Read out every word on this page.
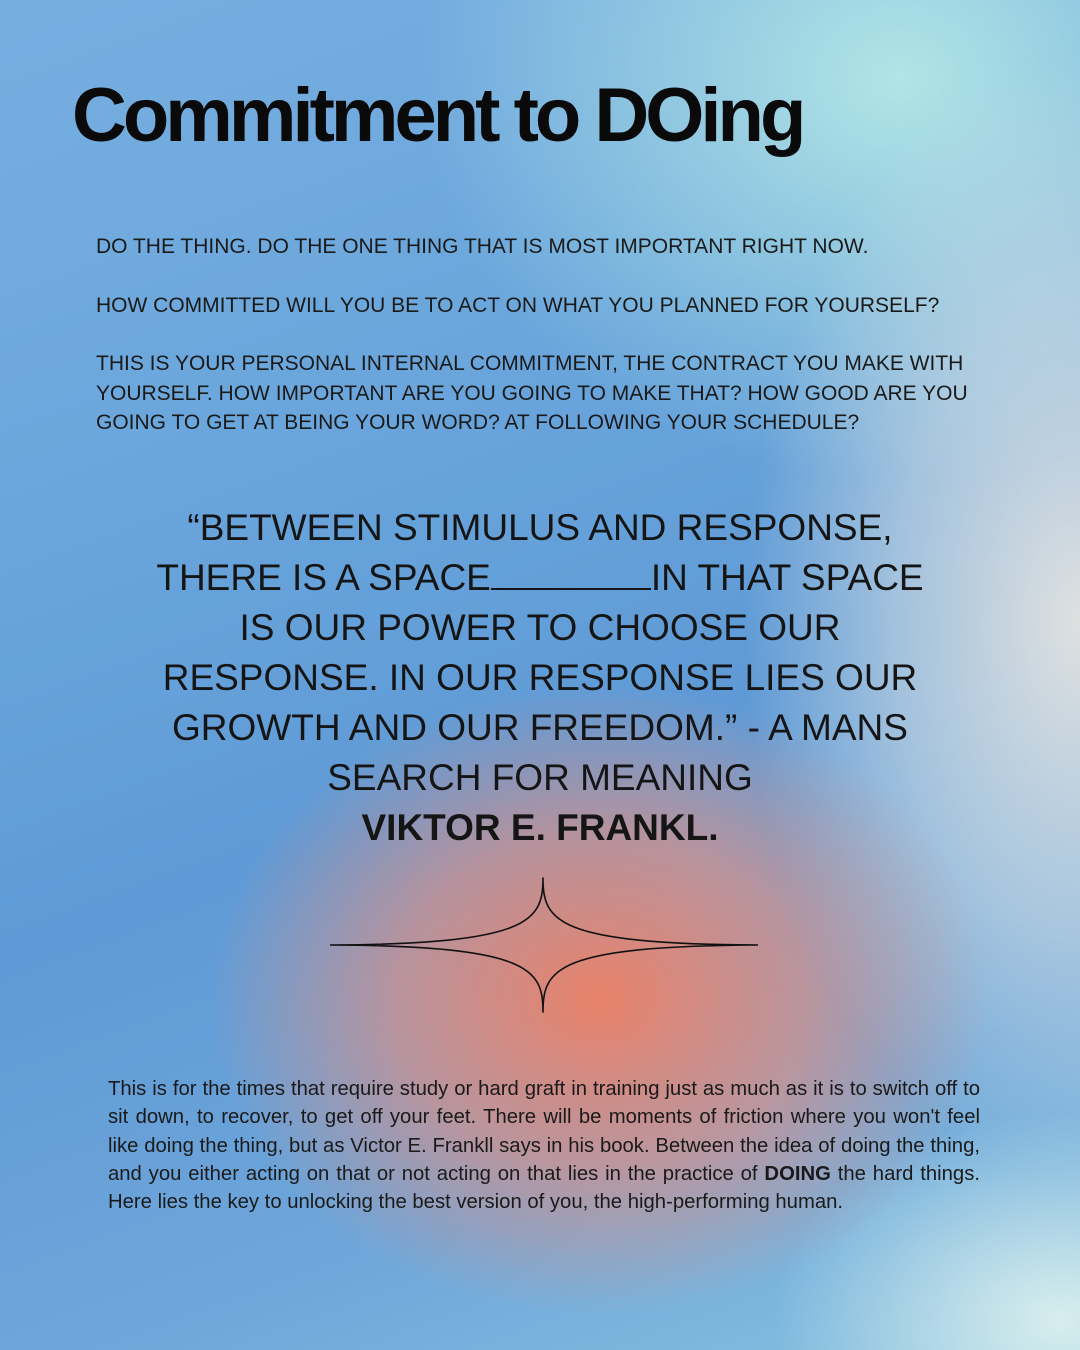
Commitment to DOing

DO THE THING. DO THE ONE THING THAT IS MOST IMPORTANT RIGHT NOW.

HOW COMMITTED WILL YOU BE TO ACT ON WHAT YOU PLANNED FOR YOURSELF?

THIS IS YOUR PERSONAL INTERNAL COMMITMENT, THE CONTRACT YOU MAKE WITH YOURSELF. HOW IMPORTANT ARE YOU GOING TO MAKE THAT? HOW GOOD ARE YOU GOING TO GET AT BEING YOUR WORD? AT FOLLOWING YOUR SCHEDULE?

“BETWEEN STIMULUS AND RESPONSE,
THERE IS A SPACE	IN THAT SPACE
IS OUR POWER TO CHOOSE OUR RESPONSE. IN OUR RESPONSE LIES OUR GROWTH AND OUR FREEDOM.” - A MANS SEARCH FOR MEANING
VIKTOR E. FRANKL.

This is for the times that require study or hard graft in training just as much as it is to switch off to sit down, to recover, to get off your feet. There will be moments of friction where you won't feel like doing the thing, but as Victor E. Frankll says in his book. Between the idea of doing the thing, and you either acting on that or not acting on that lies in the practice of DOING the hard things. Here lies the key to unlocking the best version of you, the high-performing human.
